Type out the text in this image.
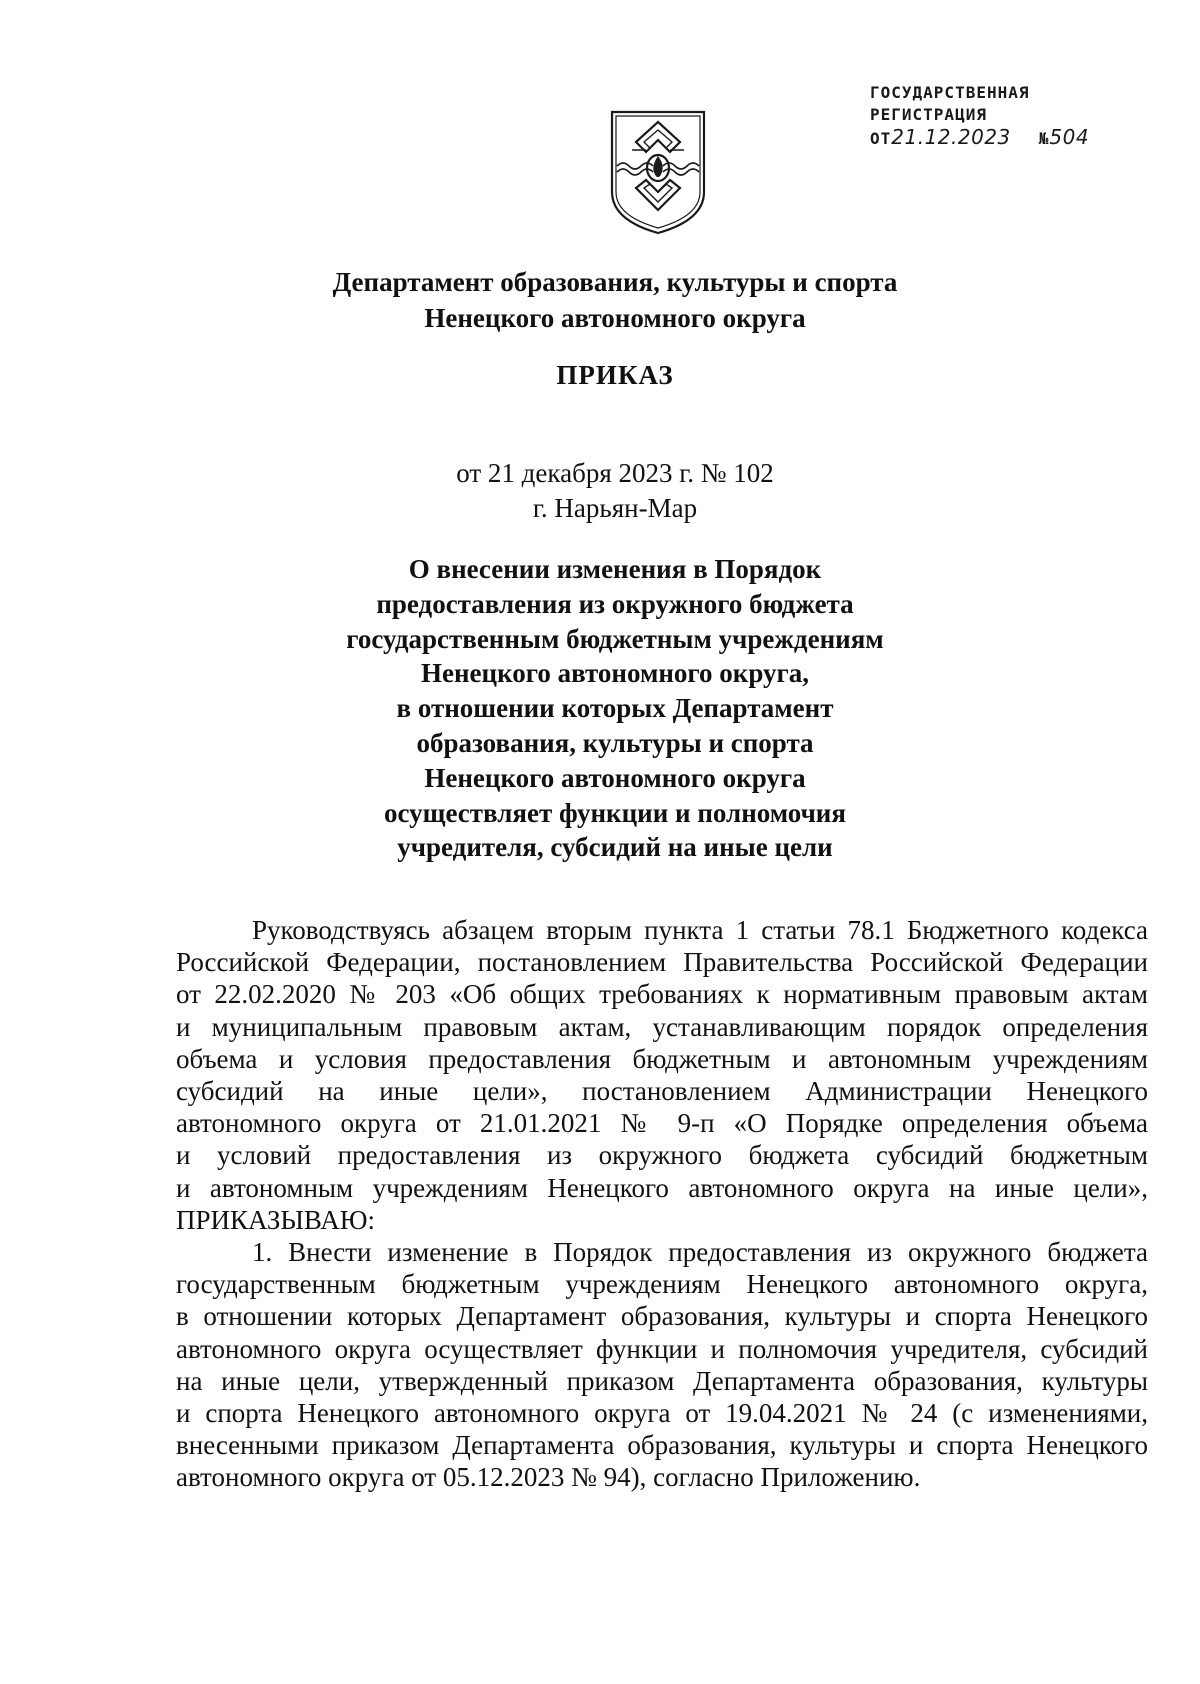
ГОСУДАРСТВЕННАЯ
РЕГИСТРАЦИЯ
ОТ21.12.2023 №504
Департамент образования, культуры и спорта
Ненецкого автономного округа
ПРИКАЗ
от 21 декабря 2023 г. № 102
г. Нарьян-Мар
О внесении изменения в Порядок
предоставления из окружного бюджета
государственным бюджетным учреждениям
Ненецкого автономного округа,
в отношении которых Департамент
образования, культуры и спорта
Ненецкого автономного округа
осуществляет функции и полномочия
учредителя, субсидий на иные цели
Руководствуясь абзацем вторым пункта 1 статьи 78.1 Бюджетного кодекса
Российской Федерации, постановлением Правительства Российской Федерации
от 22.02.2020 № 203 «Об общих требованиях к нормативным правовым актам
и муниципальным правовым актам, устанавливающим порядок определения
объема и условия предоставления бюджетным и автономным учреждениям
субсидий на иные цели», постановлением Администрации Ненецкого
автономного округа от 21.01.2021 № 9-п «О Порядке определения объема
и условий предоставления из окружного бюджета субсидий бюджетным
и автономным учреждениям Ненецкого автономного округа на иные цели»,
ПРИКАЗЫВАЮ:
1. Внести изменение в Порядок предоставления из окружного бюджета
государственным бюджетным учреждениям Ненецкого автономного округа,
в отношении которых Департамент образования, культуры и спорта Ненецкого
автономного округа осуществляет функции и полномочия учредителя, субсидий
на иные цели, утвержденный приказом Департамента образования, культуры
и спорта Ненецкого автономного округа от 19.04.2021 № 24 (с изменениями,
внесенными приказом Департамента образования, культуры и спорта Ненецкого
автономного округа от 05.12.2023 № 94), согласно Приложению.
